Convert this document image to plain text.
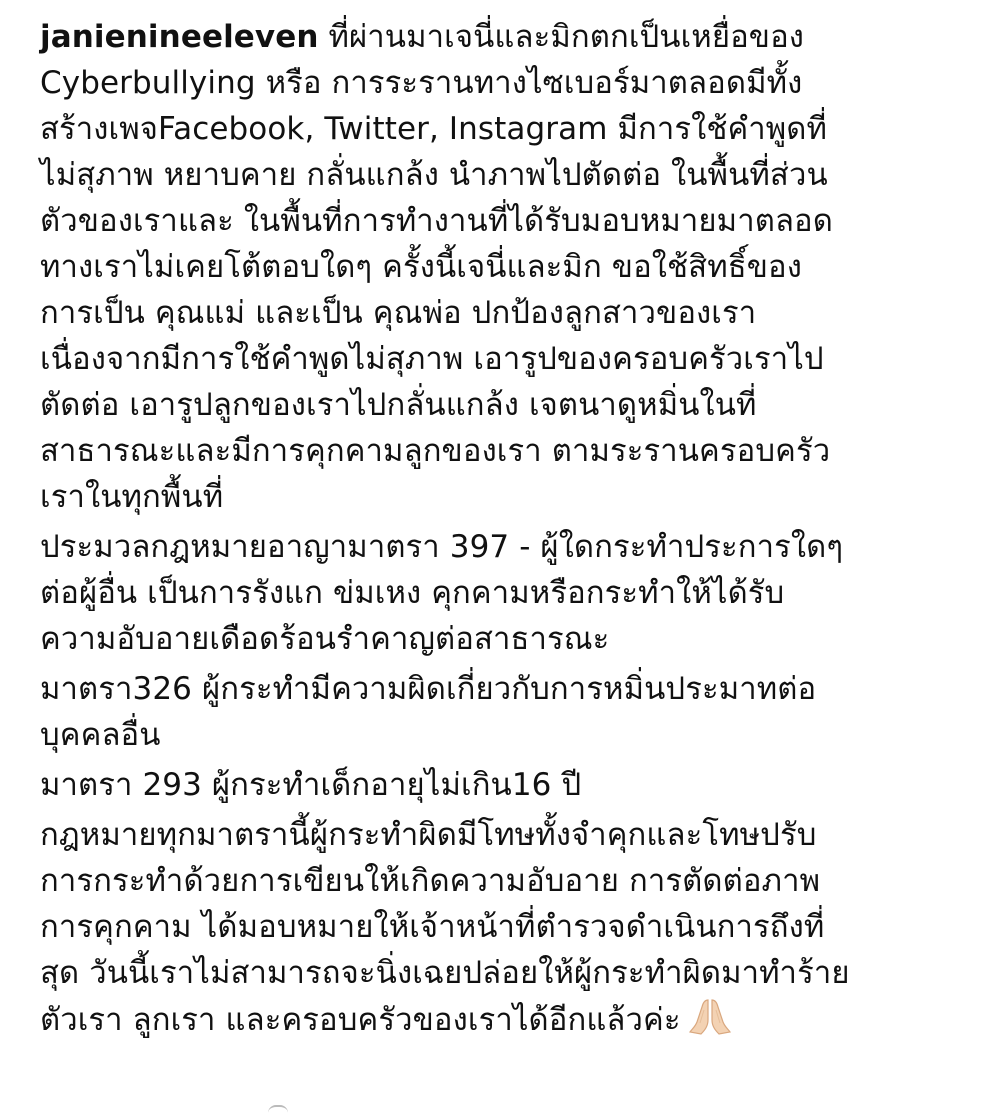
janienineeleven ที่ผ่านมาเจนี่และมิกตกเป็นเหยื่อของ
Cyberbullying หรือ การระรานทางไซเบอร์มาตลอดมีทั้ง
สร้างเพจFacebook, Twitter, Instagram มีการใช้คำพูดที่
ไม่สุภาพ หยาบคาย กลั่นแกล้ง นำภาพไปตัดต่อ ในพื้นที่ส่วน
ตัวของเราและ ในพื้นที่การทำงานที่ได้รับมอบหมายมาตลอด
ทางเราไม่เคยโต้ตอบใดๆ ครั้งนี้เจนี่และมิก ขอใช้สิทธิ์ของ
การเป็น คุณแม่ และเป็น คุณพ่อ ปกป้องลูกสาวของเรา
เนื่องจากมีการใช้คำพูดไม่สุภาพ เอารูปของครอบครัวเราไป
ตัดต่อ เอารูปลูกของเราไปกลั่นแกล้ง เจตนาดูหมิ่นในที่
สาธารณะและมีการคุกคามลูกของเรา ตามระรานครอบครัว
เราในทุกพื้นที่
ประมวลกฎหมายอาญามาตรา 397 - ผู้ใดกระทำประการใดๆ
ต่อผู้อื่น เป็นการรังแก ข่มเหง คุกคามหรือกระทำให้ได้รับ
ความอับอายเดือดร้อนรำคาญต่อสาธารณะ
มาตรา326 ผู้กระทำมีความผิดเกี่ยวกับการหมิ่นประมาทต่อ
บุคคลอื่น
มาตรา 293 ผู้กระทำเด็กอายุไม่เกิน16 ปี
กฎหมายทุกมาตรานี้ผู้กระทำผิดมีโทษทั้งจำคุกและโทษปรับ
การกระทำด้วยการเขียนให้เกิดความอับอาย การตัดต่อภาพ
การคุกคาม ได้มอบหมายให้เจ้าหน้าที่ตำรวจดำเนินการถึงที่
สุด วันนี้เราไม่สามารถจะนิ่งเฉยปล่อยให้ผู้กระทำผิดมาทำร้าย
ตัวเรา ลูกเรา และครอบครัวของเราได้อีกแล้วค่ะ
